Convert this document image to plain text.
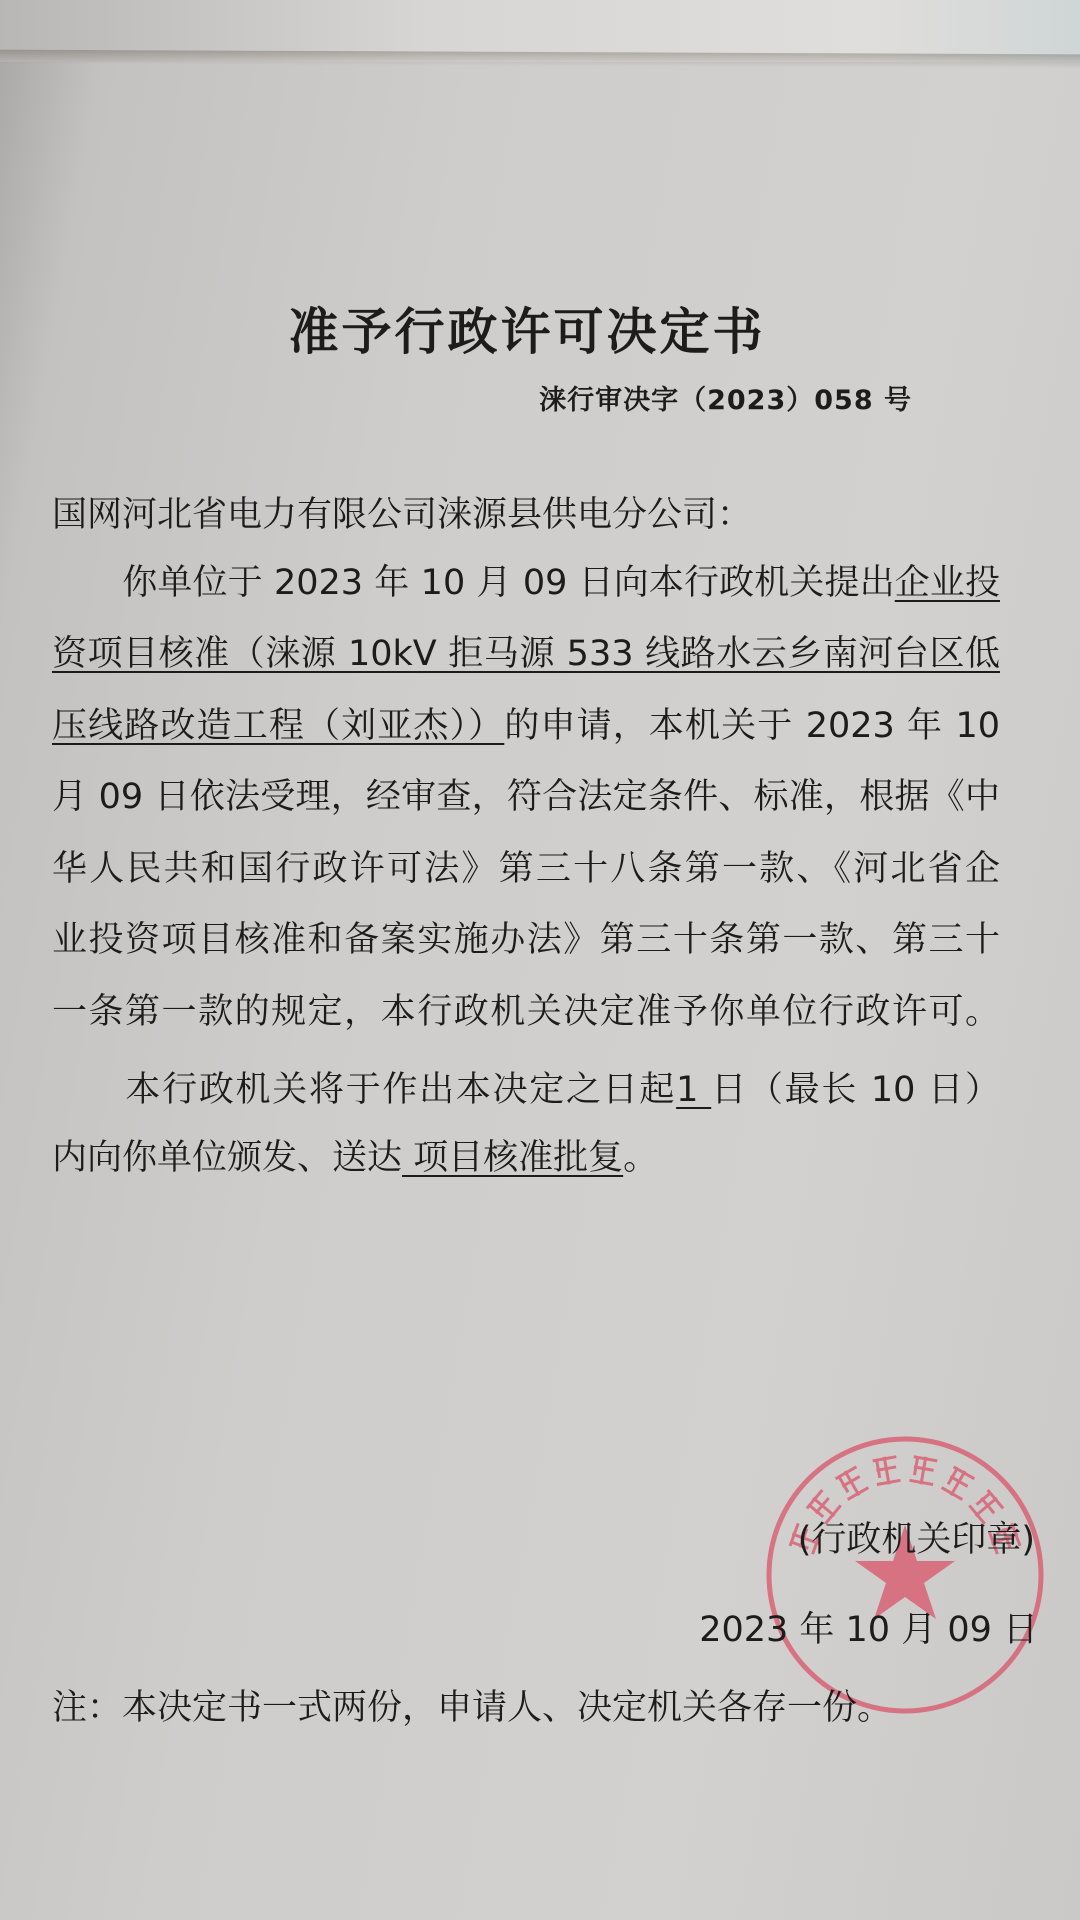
准予行政许可决定书
涞行审决字（2023）058 号
国网河北省电力有限公司涞源县供电分公司：
　　你单位于 2023 年 10 月 09 日向本行政机关提出企业投
资项目核准（涞源 10kV 拒马源 533 线路水云乡南河台区低
压线路改造工程（刘亚杰））的申请，本机关于 2023 年 10
月 09 日依法受理，经审查，符合法定条件、标准，根据《中
华人民共和国行政许可法》第三十八条第一款、《河北省企
业投资项目核准和备案实施办法》第三十条第一款、第三十
一条第一款的规定，本行政机关决定准予你单位行政许可。
　　本行政机关将于作出本决定之日起1 日（最长 10 日）
内向你单位颁发、送达 项目核准批复。
(行政机关印章)
2023 年 10 月 09 日
注：本决定书一式两份，申请人、决定机关各存一份。
